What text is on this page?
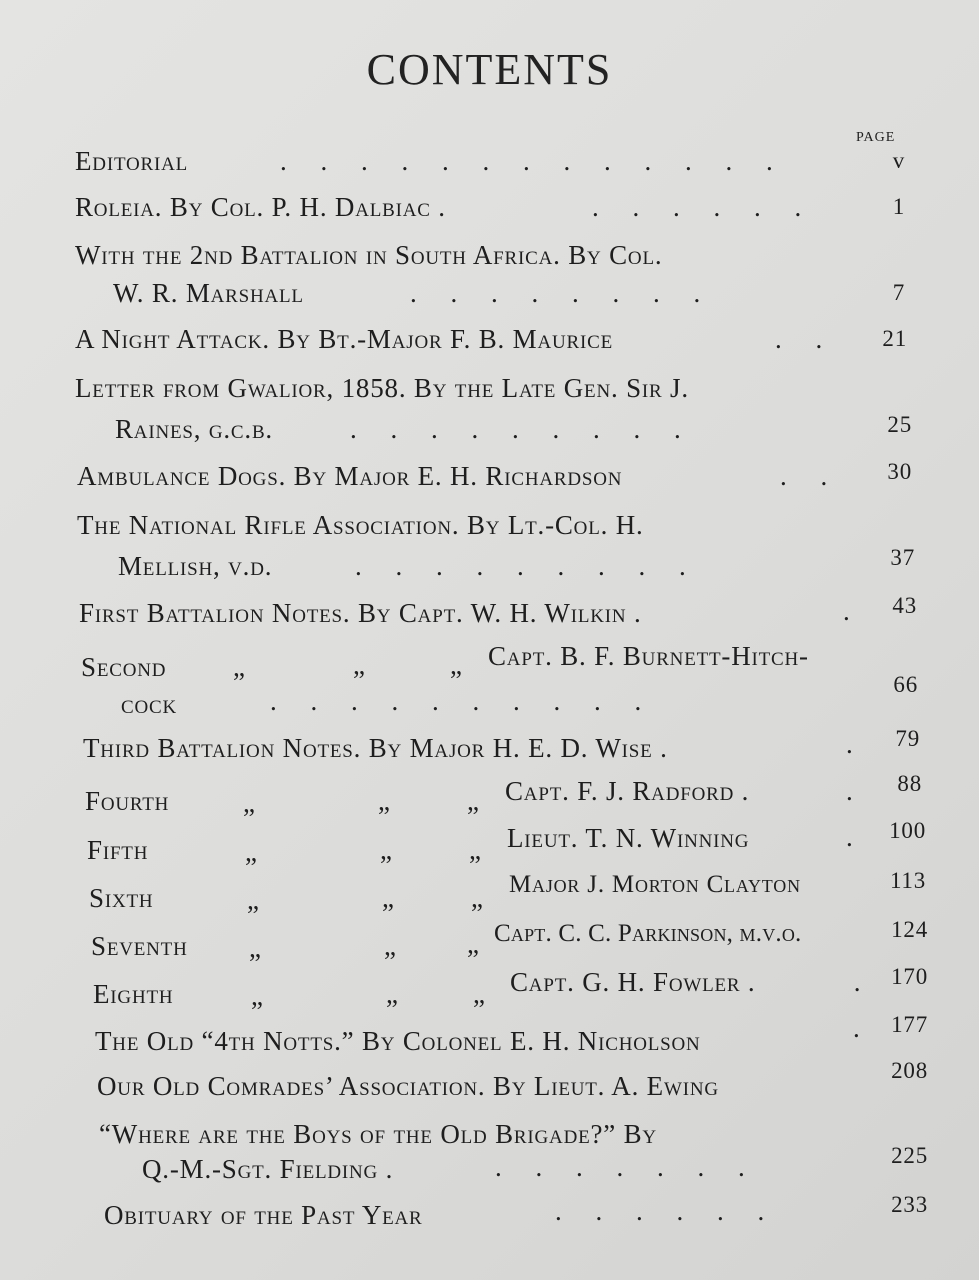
CONTENTS
PAGE
Editorial	.     .     .     .     .     .     .     .     .     .     .     .     .	v
Roleia. By Col. P. H. Dalbiac .	.     .     .     .     .     .	1
With the 2nd Battalion in South Africa. By Col.
W. R. Marshall	.     .     .     .     .     .     .     .	7
A Night Attack. By Bt.-Major F. B. Maurice	.     .	21
Letter from Gwalior, 1858. By the Late Gen. Sir J.
Raines, g.c.b.	.     .     .     .     .     .     .     .     .	25
Ambulance Dogs. By Major E. H. Richardson	.     .	30
The National Rifle Association. By Lt.-Col. H.
Mellish, v.d.	.     .     .     .     .     .     .     .     .	37
First Battalion Notes. By Capt. W. H. Wilkin .	.	43
Second „	„	„ Capt. B. F. Burnett-Hitch-
cock	.     .     .     .     .     .     .     .     .     .
66
Third Battalion Notes. By Major H. E. D. Wise .	.	79
Fourth	„	„	„ Capt. F. J. Radford .	.	88
Fifth	„	„	„ Lieut. T. N. Winning	.	100
Sixth	„	„	„ Major J. Morton Clayton	113
Seventh „	„	„ Capt. C. C. Parkinson, m.v.o.	124
Eighth	„	„	„ Capt. G. H. Fowler . .	170
The Old “4th Notts.” By Colonel E. H. Nicholson	.	177
Our Old Comrades’ Association. By Lieut. A. Ewing
208
“Where are the Boys of the Old Brigade?” By
Q.-M.-Sgt. Fielding .	.     .     .     .     .     .     .	225
Obituary of the Past Year	.     .     .     .     .     .	233
